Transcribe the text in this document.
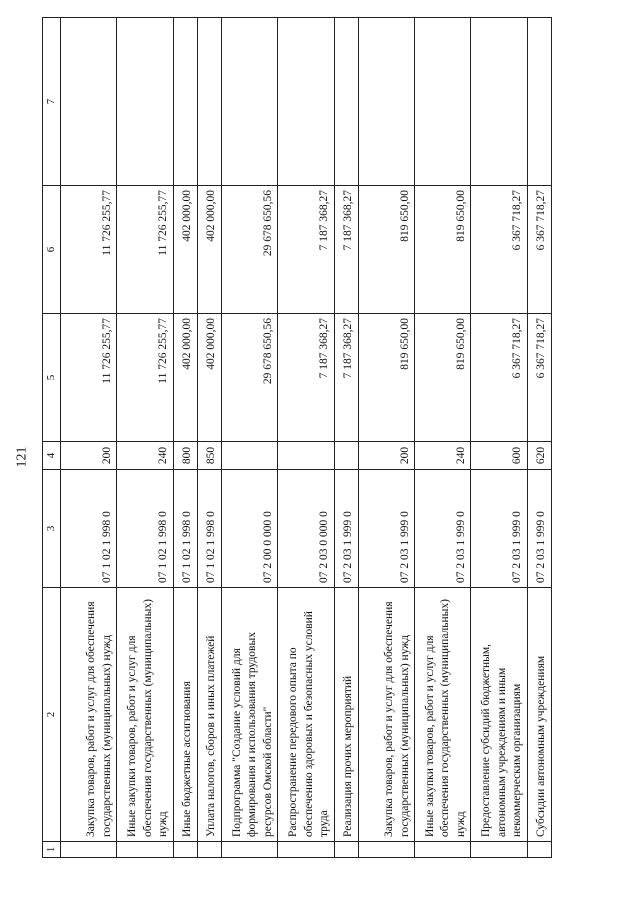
121
1	2	3	4	5	6	7
	Закупка товаров, работ и услуг для обеспечения государственных (муниципальных) нужд	07 1 02 1 998 0	200	11 726 255,77	11 726 255,77	
	Иные закупки товаров, работ и услуг для обеспечения государственных (муниципальных) нужд	07 1 02 1 998 0	240	11 726 255,77	11 726 255,77	
	Иные бюджетные ассигнования	07 1 02 1 998 0	800	402 000,00	402 000,00	
	Уплата налогов, сборов и иных платежей	07 1 02 1 998 0	850	402 000,00	402 000,00	
	Подпрограмма "Создание условий для формирования и использования трудовых ресурсов Омской области"	07 2 00 0 000 0		29 678 650,56	29 678 650,56	
	Распространение передового опыта по обеспечению здоровых и безопасных условий труда	07 2 03 0 000 0		7 187 368,27	7 187 368,27	
	Реализация прочих мероприятий	07 2 03 1 999 0		7 187 368,27	7 187 368,27	
	Закупка товаров, работ и услуг для обеспечения государственных (муниципальных) нужд	07 2 03 1 999 0	200	819 650,00	819 650,00	
	Иные закупки товаров, работ и услуг для обеспечения государственных (муниципальных) нужд	07 2 03 1 999 0	240	819 650,00	819 650,00	
	Предоставление субсидий бюджетным, автономным учреждениям и иным некоммерческим организациям	07 2 03 1 999 0	600	6 367 718,27	6 367 718,27	
	Субсидии автономным учреждениям	07 2 03 1 999 0	620	6 367 718,27	6 367 718,27	
